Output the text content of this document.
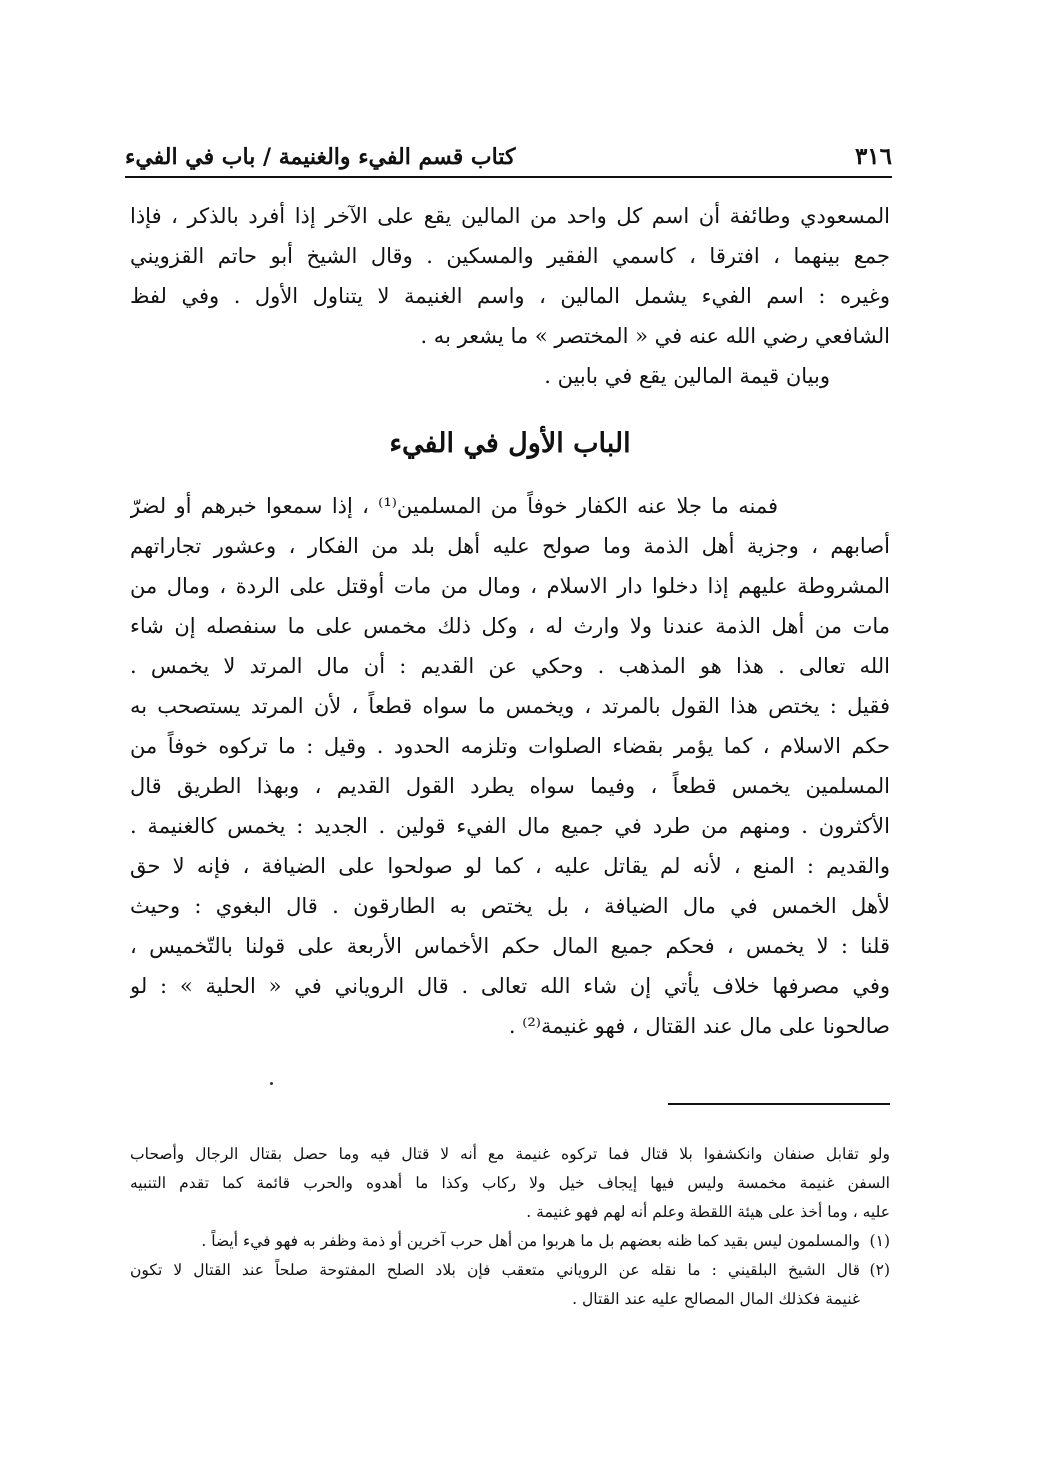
٣١٦
كتاب قسم الفيء والغنيمة / باب في الفيء
المسعودي وطائفة أن اسم كل واحد من المالين يقع على الآخر إذا أفرد بالذكر ، فإذا
جمع بينهما ، افترقا ، كاسمي الفقير والمسكين . وقال الشيخ أبو حاتم القزويني
وغيره : اسم الفيء يشمل المالين ، واسم الغنيمة لا يتناول الأول . وفي لفظ
الشافعي رضي الله عنه في « المختصر » ما يشعر به .
وبيان قيمة المالين يقع في بابين .
الباب الأول في الفيء
فمنه ما جلا عنه الكفار خوفاً من المسلمين⁽¹⁾ ، إذا سمعوا خبرهم أو لضرّ
أصابهم ، وجزية أهل الذمة وما صولح عليه أهل بلد من الفكار ، وعشور تجاراتهم
المشروطة عليهم إذا دخلوا دار الاسلام ، ومال من مات أوقتل على الردة ، ومال من
مات من أهل الذمة عندنا ولا وارث له ، وكل ذلك مخمس على ما سنفصله إن شاء
الله تعالى . هذا هو المذهب . وحكي عن القديم : أن مال المرتد لا يخمس .
فقيل : يختص هذا القول بالمرتد ، ويخمس ما سواه قطعاً ، لأن المرتد يستصحب به
حكم الاسلام ، كما يؤمر بقضاء الصلوات وتلزمه الحدود . وقيل : ما تركوه خوفاً من
المسلمين يخمس قطعاً ، وفيما سواه يطرد القول القديم ، وبهذا الطريق قال
الأكثرون . ومنهم من طرد في جميع مال الفيء قولين . الجديد : يخمس كالغنيمة .
والقديم : المنع ، لأنه لم يقاتل عليه ، كما لو صولحوا على الضيافة ، فإنه لا حق
لأهل الخمس في مال الضيافة ، بل يختص به الطارقون . قال البغوي : وحيث
قلنا : لا يخمس ، فحكم جميع المال حكم الأخماس الأربعة على قولنا بالتّخميس ،
وفي مصرفها خلاف يأتي إن شاء الله تعالى . قال الروياني في « الحلية » : لو
صالحونا على مال عند القتال ، فهو غنيمة⁽²⁾ .
ولو تقابل صنفان وانكشفوا بلا قتال فما تركوه غنيمة مع أنه لا قتال فيه وما حصل بقتال الرجال وأصحاب
السفن غنيمة مخمسة وليس فيها إيجاف خيل ولا ركاب وكذا ما أهدوه والحرب قائمة كما تقدم التنبيه
عليه ، وما أخذ على هيئة اللقطة وعلم أنه لهم فهو غنيمة .
(١)والمسلمون ليس بقيد كما ظنه بعضهم بل ما هربوا من أهل حرب آخرين أو ذمة وظفر به فهو فيء أيضاً .
(٢)قال الشيخ البلقيني : ما نقله عن الروياني متعقب فإن بلاد الصلح المفتوحة صلحاً عند القتال لا تكون
غنيمة فكذلك المال المصالح عليه عند القتال .
